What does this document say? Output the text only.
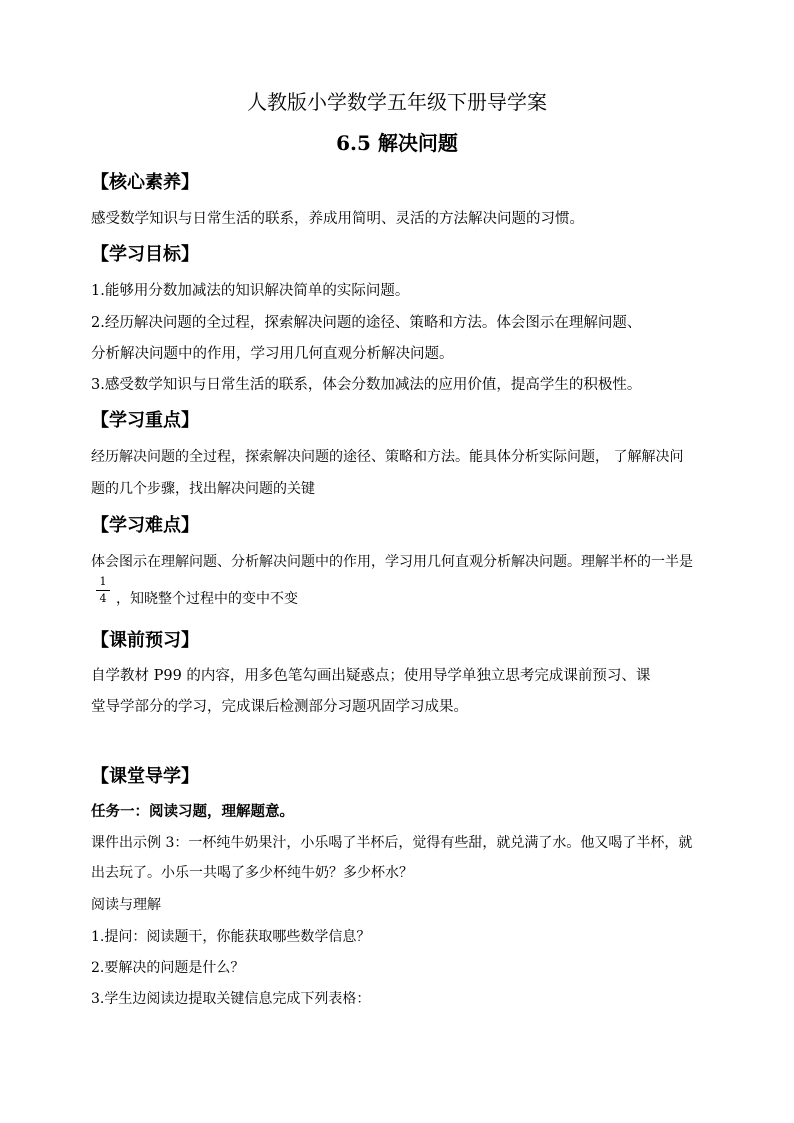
人教版小学数学五年级下册导学案
6.5 解决问题
【核心素养】
感受数学知识与日常生活的联系，养成用简明、灵活的方法解决问题的习惯。
【学习目标】
1.能够用分数加减法的知识解决简单的实际问题。
2.经历解决问题的全过程，探索解决问题的途径、策略和方法。体会图示在理解问题、
分析解决问题中的作用，学习用几何直观分析解决问题。
3.感受数学知识与日常生活的联系，体会分数加减法的应用价值，提高学生的积极性。
【学习重点】
经历解决问题的全过程，探索解决问题的途径、策略和方法。能具体分析实际问题， 了解解决问
题的几个步骤，找出解决问题的关键
【学习难点】
体会图示在理解问题、分析解决问题中的作用，学习用几何直观分析解决问题。理解半杯的一半是
1
4 ，知晓整个过程中的变中不变
【课前预习】
自学教材 P99 的内容，用多色笔勾画出疑惑点；使用导学单独立思考完成课前预习、课
堂导学部分的学习，完成课后检测部分习题巩固学习成果。
【课堂导学】
任务一：阅读习题，理解题意。
课件出示例 3：一杯纯牛奶果汁，小乐喝了半杯后，觉得有些甜，就兑满了水。他又喝了半杯，就
出去玩了。小乐一共喝了多少杯纯牛奶？多少杯水？
阅读与理解
1.提问：阅读题干，你能获取哪些数学信息？
2.要解决的问题是什么？
3.学生边阅读边提取关键信息完成下列表格：
